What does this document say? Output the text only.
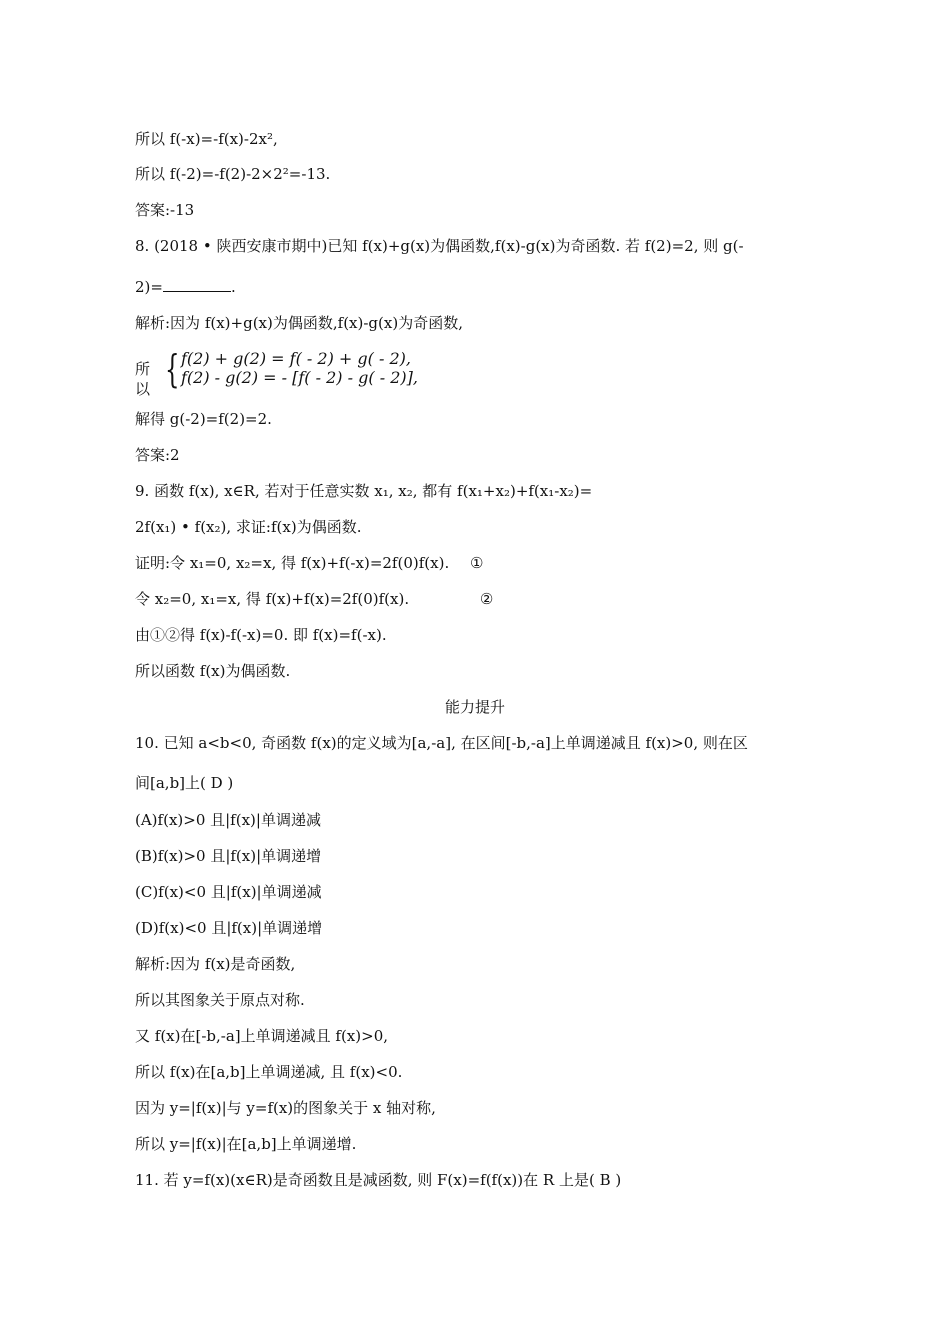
所以 f(-x)=-f(x)-2x²,
所以 f(-2)=-f(2)-2×2²=-13.
答案:-13
8. (2018 • 陕西安康市期中)已知 f(x)+g(x)为偶函数,f(x)-g(x)为奇函数. 若 f(2)=2, 则 g(-
2)=	.
解析:因为 f(x)+g(x)为偶函数,f(x)-g(x)为奇函数,
所以 { f(2) + g(2) = f( - 2) + g( - 2),
f(2) - g(2) = - [f( - 2) - g( - 2)],
解得 g(-2)=f(2)=2.
答案:2
9. 函数 f(x), x∈R, 若对于任意实数 x₁, x₂, 都有 f(x₁+x₂)+f(x₁-x₂)=
2f(x₁) • f(x₂), 求证:f(x)为偶函数.
证明:令 x₁=0, x₂=x, 得 f(x)+f(-x)=2f(0)f(x). ①
令 x₂=0, x₁=x, 得 f(x)+f(x)=2f(0)f(x).	②
由①②得 f(x)-f(-x)=0. 即 f(x)=f(-x).
所以函数 f(x)为偶函数.
能力提升
10. 已知 a<b<0, 奇函数 f(x)的定义域为[a,-a], 在区间[-b,-a]上单调递减且 f(x)>0, 则在区
间[a,b]上( D )
(A)f(x)>0 且|f(x)|单调递减
(B)f(x)>0 且|f(x)|单调递增
(C)f(x)<0 且|f(x)|单调递减
(D)f(x)<0 且|f(x)|单调递增
解析:因为 f(x)是奇函数,
所以其图象关于原点对称.
又 f(x)在[-b,-a]上单调递减且 f(x)>0,
所以 f(x)在[a,b]上单调递减, 且 f(x)<0.
因为 y=|f(x)|与 y=f(x)的图象关于 x 轴对称,
所以 y=|f(x)|在[a,b]上单调递增.
11. 若 y=f(x)(x∈R)是奇函数且是减函数, 则 F(x)=f(f(x))在 R 上是( B )
